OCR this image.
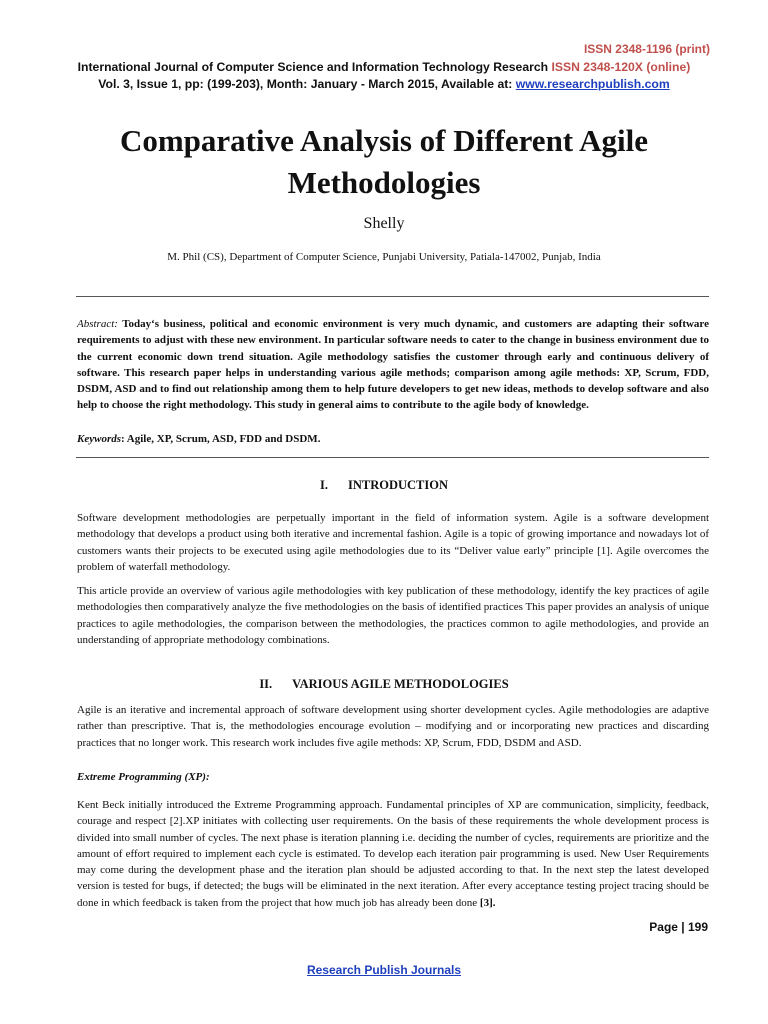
ISSN 2348-1196 (print)
International Journal of Computer Science and Information Technology Research ISSN 2348-120X (online)
Vol. 3, Issue 1, pp: (199-203), Month: January - March 2015, Available at: www.researchpublish.com
Comparative Analysis of Different Agile Methodologies
Shelly
M. Phil (CS), Department of Computer Science, Punjabi University, Patiala-147002, Punjab, India
Abstract: Today‘s business, political and economic environment is very much dynamic, and customers are adapting their software requirements to adjust with these new environment. In particular software needs to cater to the change in business environment due to the current economic down trend situation. Agile methodology satisfies the customer through early and continuous delivery of software. This research paper helps in understanding various agile methods; comparison among agile methods: XP, Scrum, FDD, DSDM, ASD and to find out relationship among them to help future developers to get new ideas, methods to develop software and also help to choose the right methodology. This study in general aims to contribute to the agile body of knowledge.
Keywords: Agile, XP, Scrum, ASD, FDD and DSDM.
I. INTRODUCTION
Software development methodologies are perpetually important in the field of information system. Agile is a software development methodology that develops a product using both iterative and incremental fashion. Agile is a topic of growing importance and nowadays lot of customers wants their projects to be executed using agile methodologies due to its “Deliver value early” principle [1]. Agile overcomes the problem of waterfall methodology.
This article provide an overview of various agile methodologies with key publication of these methodology, identify the key practices of agile methodologies then comparatively analyze the five methodologies on the basis of identified practices This paper provides an analysis of unique practices to agile methodologies, the comparison between the methodologies, the practices common to agile methodologies, and provide an understanding of appropriate methodology combinations.
II. VARIOUS AGILE METHODOLOGIES
Agile is an iterative and incremental approach of software development using shorter development cycles. Agile methodologies are adaptive rather than prescriptive. That is, the methodologies encourage evolution – modifying and or incorporating new practices and discarding practices that no longer work. This research work includes five agile methods: XP, Scrum, FDD, DSDM and ASD.
Extreme Programming (XP):
Kent Beck initially introduced the Extreme Programming approach. Fundamental principles of XP are communication, simplicity, feedback, courage and respect [2].XP initiates with collecting user requirements. On the basis of these requirements the whole development process is divided into small number of cycles. The next phase is iteration planning i.e. deciding the number of cycles, requirements are prioritize and the amount of effort required to implement each cycle is estimated. To develop each iteration pair programming is used. New User Requirements may come during the development phase and the iteration plan should be adjusted according to that. In the next step the latest developed version is tested for bugs, if detected; the bugs will be eliminated in the next iteration. After every acceptance testing project tracing should be done in which feedback is taken from the project that how much job has already been done [3].
Page | 199
Research Publish Journals
